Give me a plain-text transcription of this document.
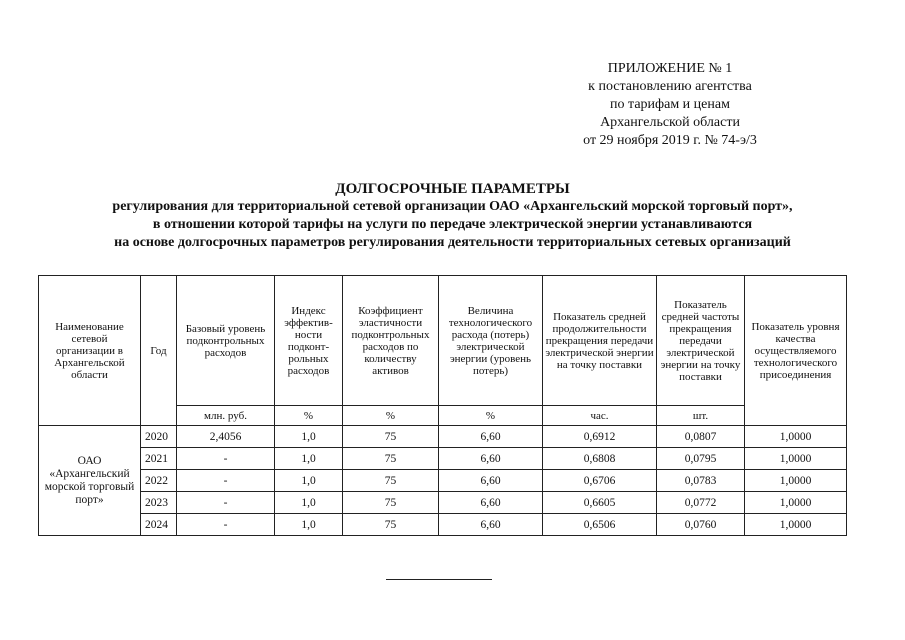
ПРИЛОЖЕНИЕ № 1
к постановлению агентства
по тарифам и ценам
Архангельской области
от 29 ноября 2019 г. № 74-э/3
ДОЛГОСРОЧНЫЕ ПАРАМЕТРЫ
регулирования для территориальной сетевой организации ОАО «Архангельский морской торговый порт»,
в отношении которой тарифы на услуги по передаче электрической энергии устанавливаются
на основе долгосрочных параметров регулирования деятельности территориальных сетевых организаций
Наименование сетевой организации в Архангельской области	Год	Базовый уровень подконтрольных расходов	Индекс эффектив- ности подконт- рольных расходов	Коэффициент эластичности подконтрольных расходов по количеству активов	Величина технологического расхода (потерь) электрической энергии (уровень потерь)	Показатель средней продолжительности прекращения передачи электрической энергии на точку поставки	Показатель средней частоты прекращения передачи электрической энергии на точку поставки	Показатель уровня качества осуществляемого технологического присоединения
		млн. руб.	%	%	%	час.	шт.	
ОАО «Архангельский морской торговый порт»	2020	2,4056	1,0	75	6,60	0,6912	0,0807	1,0000
	2021	-	1,0	75	6,60	0,6808	0,0795	1,0000
	2022	-	1,0	75	6,60	0,6706	0,0783	1,0000
	2023	-	1,0	75	6,60	0,6605	0,0772	1,0000
	2024	-	1,0	75	6,60	0,6506	0,0760	1,0000
